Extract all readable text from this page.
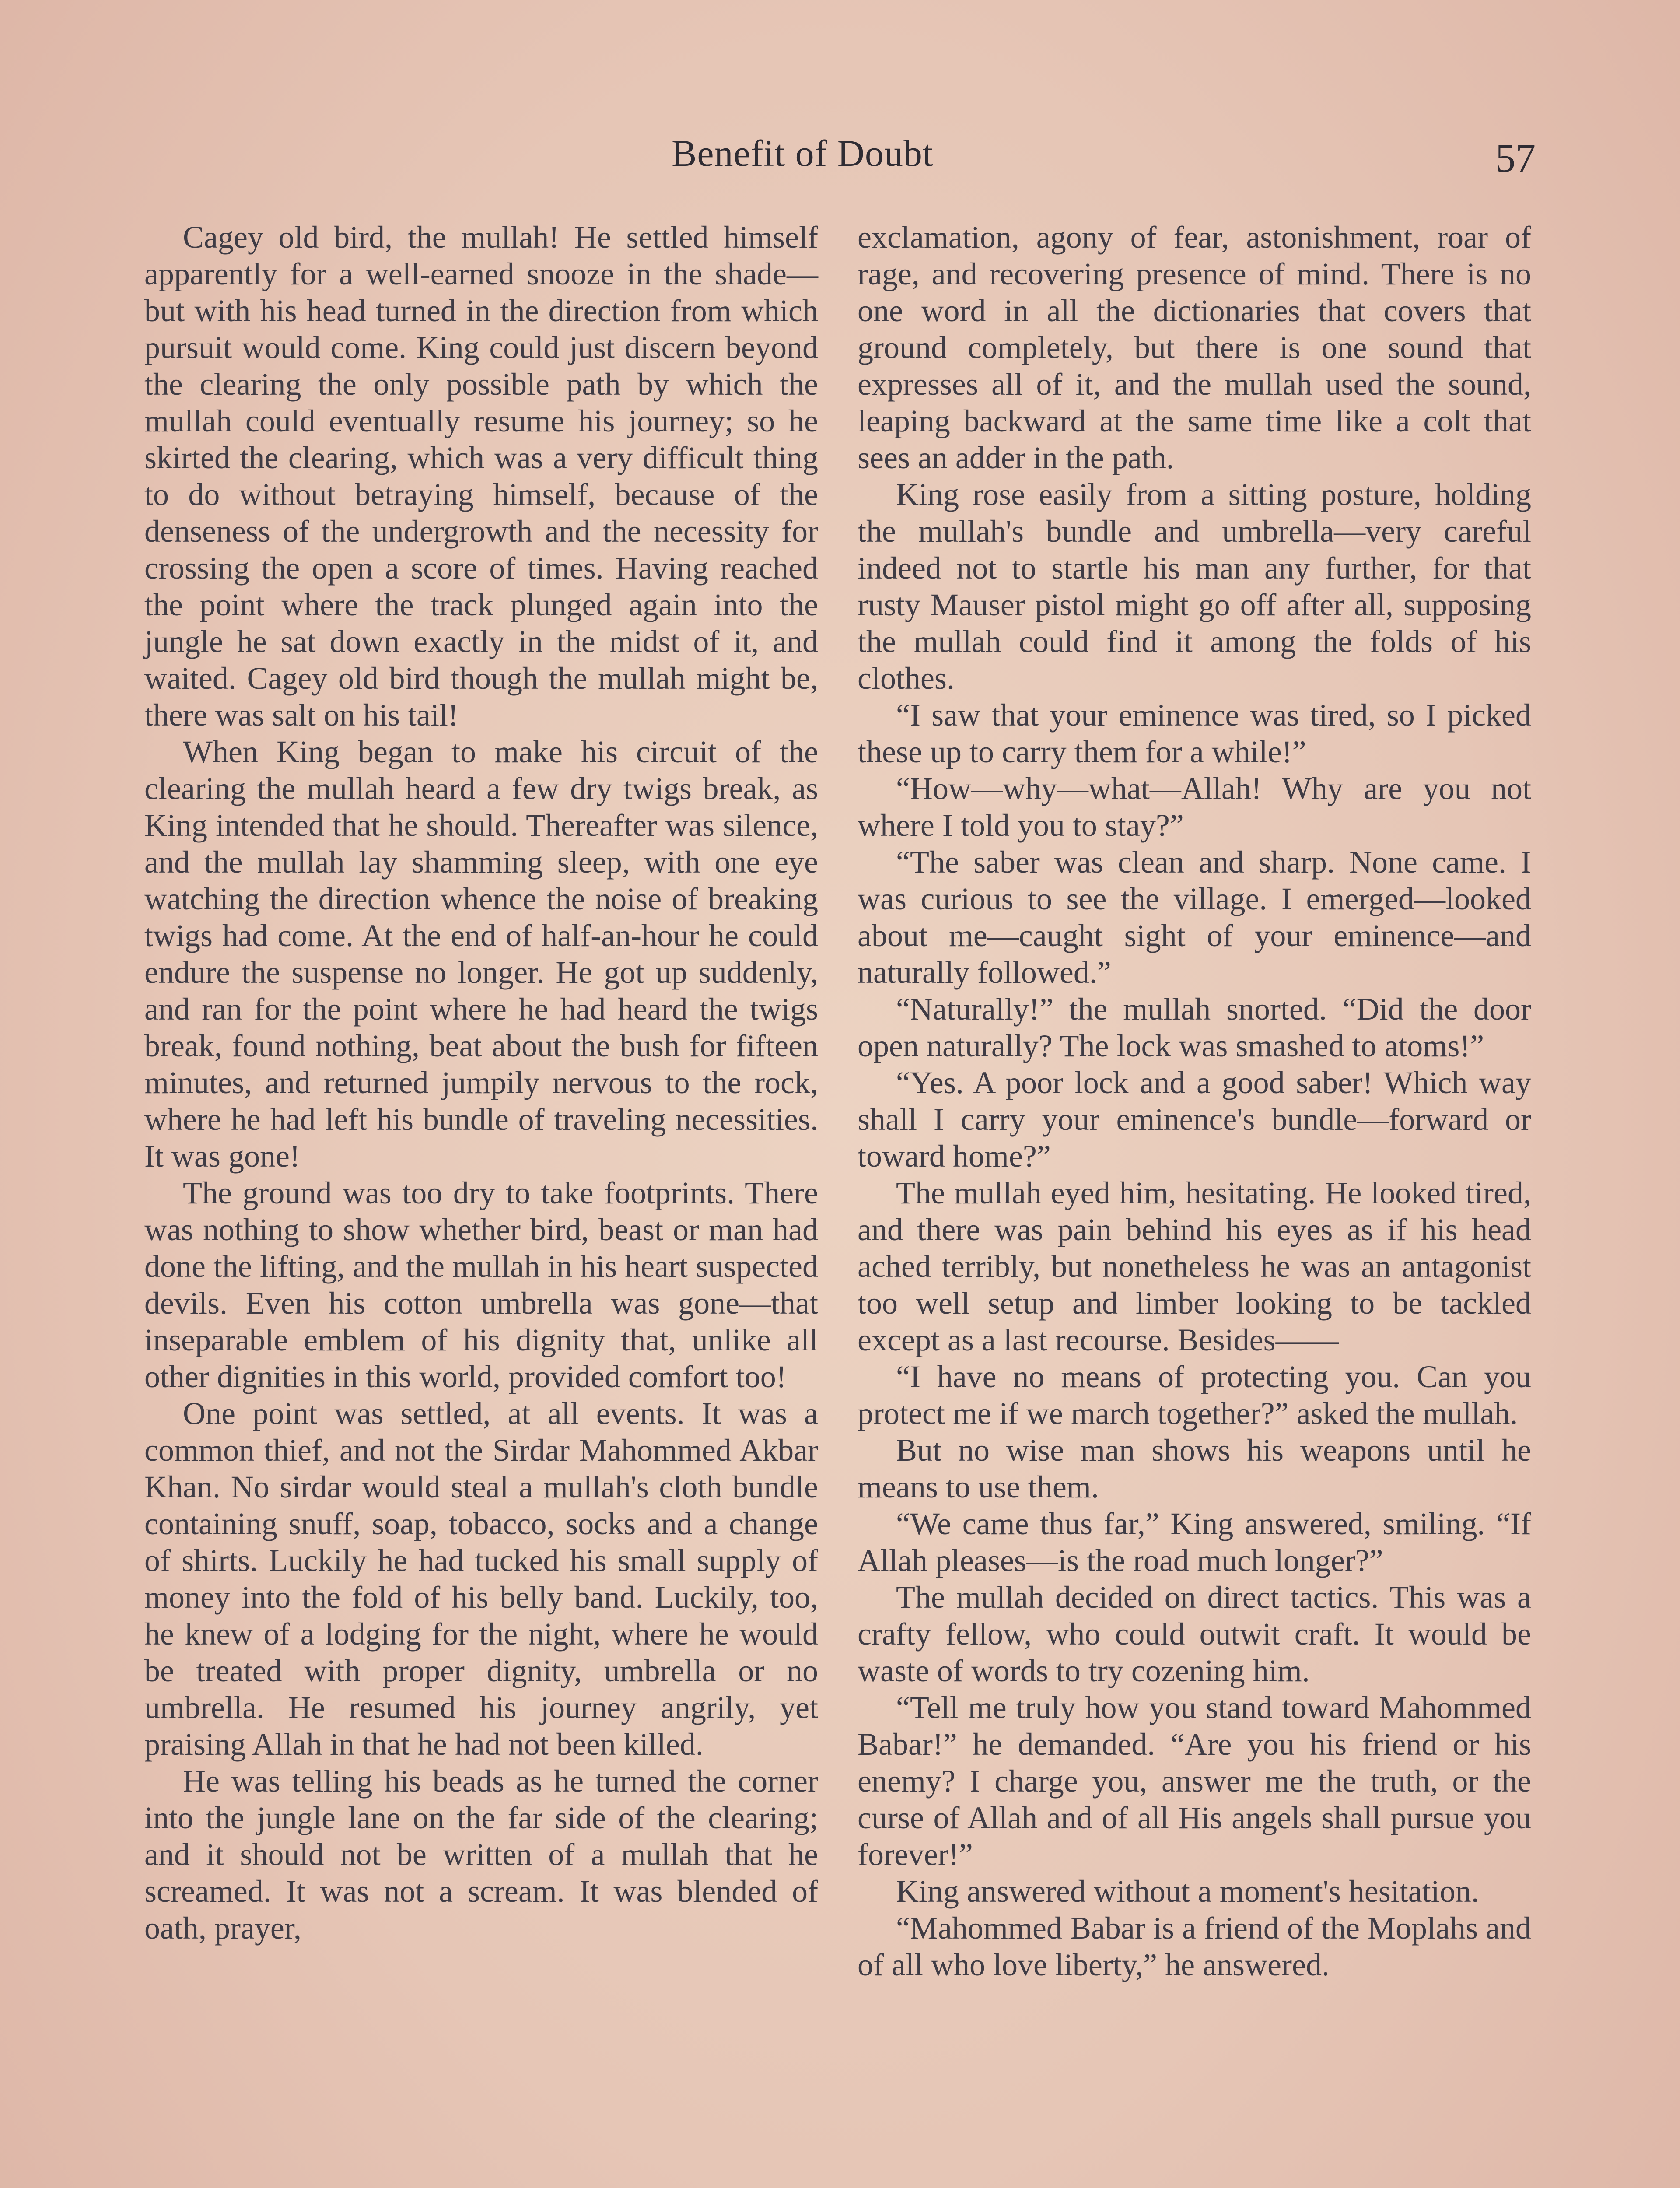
Benefit of Doubt	57

Cagey old bird, the mullah! He settled himself apparently for a well-earned snooze in the shade—but with his head turned in the direction from which pursuit would come. King could just discern beyond the clearing the only possible path by which the mullah could eventually resume his journey; so he skirted the clearing, which was a very difficult thing to do without betraying himself, because of the denseness of the undergrowth and the necessity for crossing the open a score of times. Having reached the point where the track plunged again into the jungle he sat down exactly in the midst of it, and waited. Cagey old bird though the mullah might be, there was salt on his tail!

When King began to make his circuit of the clearing the mullah heard a few dry twigs break, as King intended that he should. Thereafter was silence, and the mullah lay shamming sleep, with one eye watching the direction whence the noise of breaking twigs had come. At the end of half-an-hour he could endure the suspense no longer. He got up suddenly, and ran for the point where he had heard the twigs break, found nothing, beat about the bush for fifteen minutes, and returned jumpily nervous to the rock, where he had left his bundle of traveling necessities. It was gone!

The ground was too dry to take footprints. There was nothing to show whether bird, beast or man had done the lifting, and the mullah in his heart suspected devils. Even his cotton umbrella was gone—that inseparable emblem of his dignity that, unlike all other dignities in this world, provided comfort too!

One point was settled, at all events. It was a common thief, and not the Sirdar Mahommed Akbar Khan. No sirdar would steal a mullah's cloth bundle containing snuff, soap, tobacco, socks and a change of shirts. Luckily he had tucked his small supply of money into the fold of his belly band. Luckily, too, he knew of a lodging for the night, where he would be treated with proper dignity, umbrella or no umbrella. He resumed his journey angrily, yet praising Allah in that he had not been killed.

He was telling his beads as he turned the corner into the jungle lane on the far side of the clearing; and it should not be written of a mullah that he screamed. It was not a scream. It was blended of oath, prayer,

exclamation, agony of fear, astonishment, roar of rage, and recovering presence of mind. There is no one word in all the dictionaries that covers that ground completely, but there is one sound that expresses all of it, and the mullah used the sound, leaping backward at the same time like a colt that sees an adder in the path.

King rose easily from a sitting posture, holding the mullah's bundle and umbrella—very careful indeed not to startle his man any further, for that rusty Mauser pistol might go off after all, supposing the mullah could find it among the folds of his clothes.

“I saw that your eminence was tired, so I picked these up to carry them for a while!”

“How—why—what—Allah! Why are you not where I told you to stay?”

“The saber was clean and sharp. None came. I was curious to see the village. I emerged—looked about me—caught sight of your eminence—and naturally followed.”

“Naturally!” the mullah snorted. “Did the door open naturally? The lock was smashed to atoms!”

“Yes. A poor lock and a good saber! Which way shall I carry your eminence's bundle—forward or toward home?”

The mullah eyed him, hesitating. He looked tired, and there was pain behind his eyes as if his head ached terribly, but nonetheless he was an antagonist too well setup and limber looking to be tackled except as a last recourse. Besides——

“I have no means of protecting you. Can you protect me if we march together?” asked the mullah.

But no wise man shows his weapons until he means to use them.

“We came thus far,” King answered, smiling. “If Allah pleases—is the road much longer?”

The mullah decided on direct tactics. This was a crafty fellow, who could outwit craft. It would be waste of words to try cozening him.

“Tell me truly how you stand toward Mahommed Babar!” he demanded. “Are you his friend or his enemy? I charge you, answer me the truth, or the curse of Allah and of all His angels shall pursue you forever!”

King answered without a moment's hesitation.

“Mahommed Babar is a friend of the Moplahs and of all who love liberty,” he answered.
